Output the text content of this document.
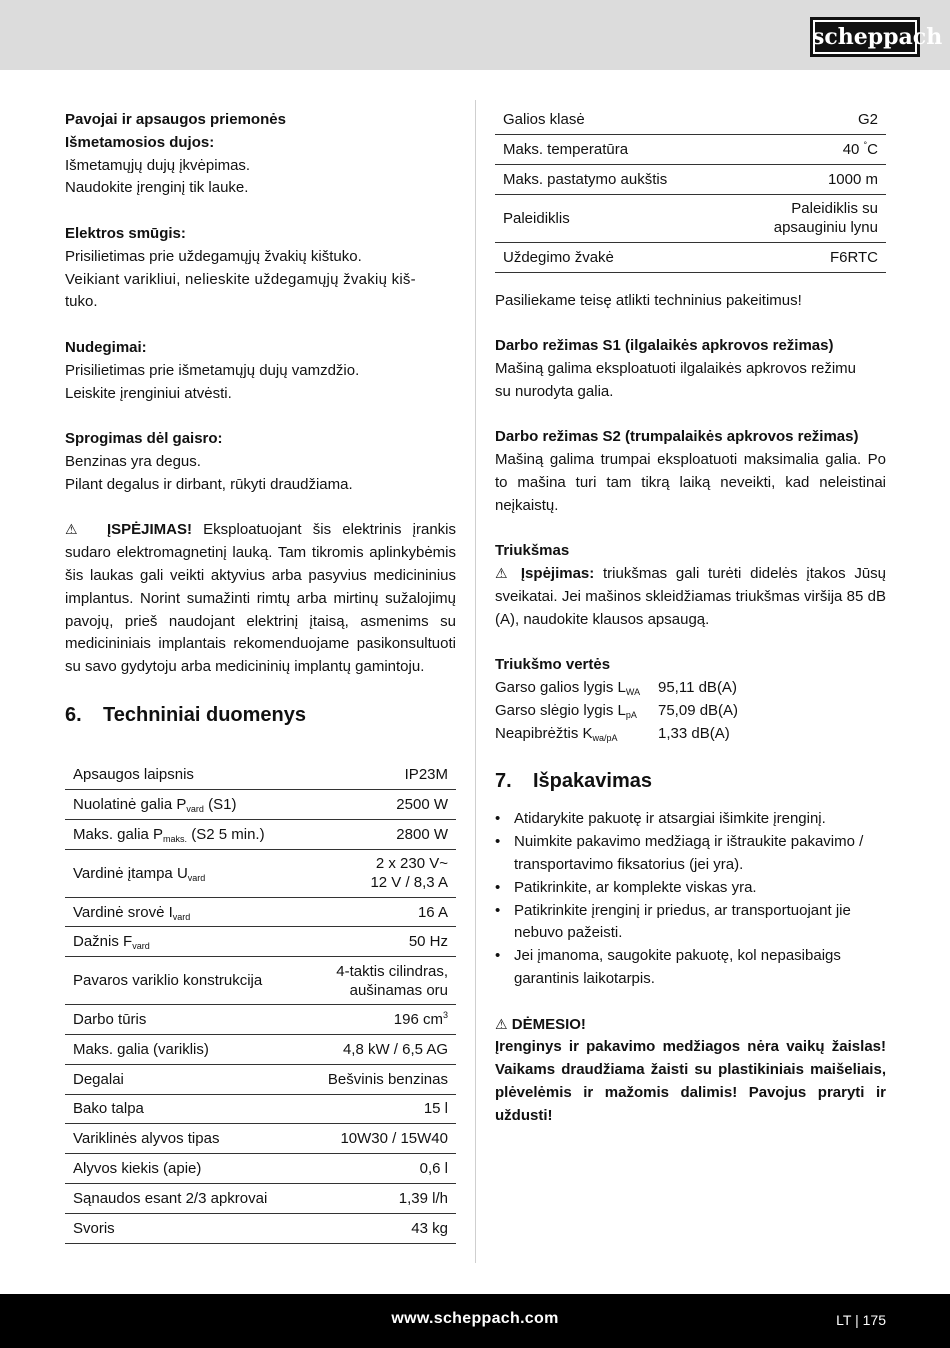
scheppach
Pavojai ir apsaugos priemonės
Išmetamosios dujos:
Išmetamųjų dujų įkvėpimas.
Naudokite įrenginį tik lauke.
Elektros smūgis:
Prisilietimas prie uždegamųjų žvakių kištuko.
Veikiant varikliui, nelieskite uždegamųjų žvakių kiš-
tuko.
Nudegimai:
Prisilietimas prie išmetamųjų dujų vamzdžio.
Leiskite įrenginiui atvėsti.
Sprogimas dėl gaisro:
Benzinas yra degus.
Pilant degalus ir dirbant, rūkyti draudžiama.

⚠ ĮSPĖJIMAS! Eksploatuojant šis elektrinis įrankis sudaro elektromagnetinį lauką. Tam tikromis aplinkybėmis šis laukas gali veikti aktyvius arba pasyvius medicininius implantus. Norint sumažinti rimtų arba mirtinų sužalojimų pavojų, prieš naudojant elektrinį įtaisą, asmenims su medicininiais implantais rekomenduojame pasikonsultuoti su savo gydytoju arba medicininių implantų gamintoju.

6. Techniniai duomenys
Apsaugos laipsnis	IP23M
Nuolatinė galia $P_{vard}$ (S1)	2500 W
Maks. galia $P_{maks.}$ (S2 5 min.)	2800 W
Vardinė įtampa $U_{vard}$	2 x 230 V~
12 V / 8,3 A
Vardinė srovė $I_{vard}$	16 A
Dažnis $F_{vard}$	50 Hz
Pavaros variklio konstrukcija	4-taktis cilindras,
aušinamas oru
Darbo tūris	196 $cm^3$
Maks. galia (variklis)	4,8 kW / 6,5 AG
Degalai	Bešvinis benzinas
Bako talpa	15 l
Variklinės alyvos tipas	10W30 / 15W40
Alyvos kiekis (apie)	0,6 l
Sąnaudos esant 2/3 apkrovai	1,39 l/h
Svoris	43 kg
Galios klasė	G2
Maks. temperatūra	40 °C
Maks. pastatymo aukštis	1000 m
Paleidiklis	Paleidiklis su
apsauginiu lynu
Uždegimo žvakė	F6RTC

Pasiliekame teisę atlikti techninius pakeitimus!

Darbo režimas S1 (ilgalaikės apkrovos režimas)
Mašiną galima eksploatuoti ilgalaikės apkrovos režimu
su nurodyta galia.
Darbo režimas S2 (trumpalaikės apkrovos režimas)

Mašiną galima trumpai eksploatuoti maksimalia galia. Po to mašina turi tam tikrą laiką neveikti, kad neleistinai neįkaistų.

Triukšmas

⚠ Įspėjimas: triukšmas gali turėti didelės įtakos Jūsų sveikatai. Jei mašinos skleidžiamas triukšmas viršija 85 dB (A), naudokite klausos apsaugą.

Triukšmo vertės
Garso galios lygis $L_{WA}$	95,11 dB(A)
Garso slėgio lygis $L_{pA}$	75,09 dB(A)
Neapibrėžtis $K_{wa/pA}$	1,33 dB(A)
7. Išpakavimas
• Atidarykite pakuotę ir atsargiai išimkite įrenginį.
• Nuimkite pakavimo medžiagą ir ištraukite pakavimo / transportavimo fiksatorius (jei yra).
• Patikrinkite, ar komplekte viskas yra.
• Patikrinkite įrenginį ir priedus, ar transportuojant jie nebuvo pažeisti.
• Jei įmanoma, saugokite pakuotę, kol nepasibaigs garantinis laikotarpis.
⚠ DĖMESIO!

Įrenginys ir pakavimo medžiagos nėra vaikų žaislas! Vaikams draudžiama žaisti su plastikiniais maišeliais, plėvelėmis ir mažomis dalimis! Pavojus praryti ir uždusti!

www.scheppach.com	LT | 175
